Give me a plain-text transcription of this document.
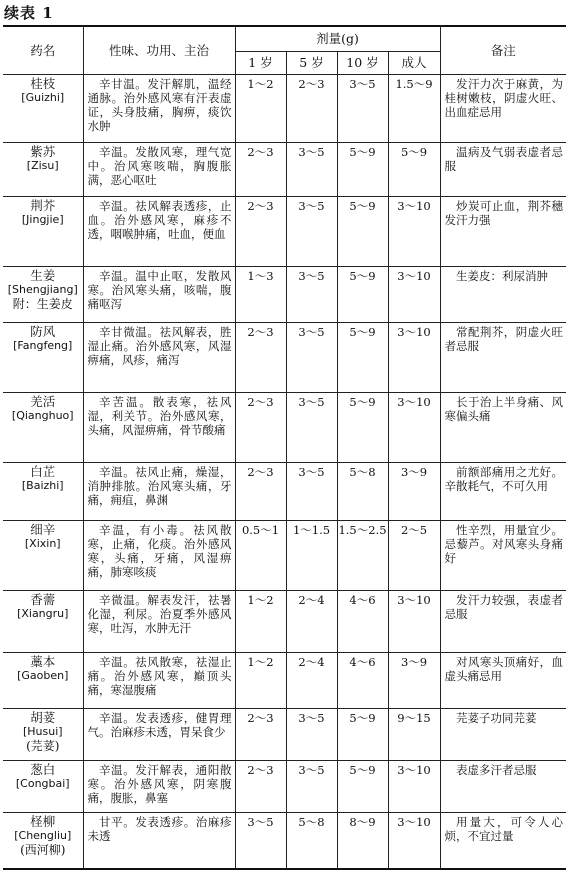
续表 1
药名	性味、功用、主治	剂量(g)				备注
		1 岁	5 岁	10 岁	成人	

桂枝
[Guizhi]	辛甘温。发汗解肌，温经通脉。治外感风寒有汗表虚证，头身肢痛，胸痹，痰饮水肿	1～2	2～3	3～5	1.5～9	发汗力次于麻黄，为桂树嫩枝，阴虚火旺、出血症忌用

紫苏
[Zisu]	辛温。发散风寒，理气宽中。治风寒咳喘，胸腹胀满，恶心呕吐	2～3	3～5	5～9	5～9	温病及气弱表虚者忌服

荆芥
[Jingjie]	辛温。祛风解表透疹，止血。治外感风寒，麻疹不透，咽喉肿痛，吐血，便血	2～3	3～5	5～9	3～10	炒炭可止血，荆芥穗发汗力强

生姜
[Shengjiang]
附：生姜皮	辛温。温中止呕，发散风寒。治风寒头痛，咳喘，腹痛呕泻	1～3	3～5	5～9	3～10	生姜皮：利尿消肿

防风
[Fangfeng]	辛甘微温。祛风解表，胜湿止痛。治外感风寒，风湿痹痛，风疹，痛泻	2～3	3～5	5～9	3～10	常配荆芥，阴虚火旺者忌服

羌活
[Qianghuo]	辛苦温。散表寒，祛风湿，利关节。治外感风寒，头痛，风湿痹痛，骨节酸痛	2～3	3～5	5～9	3～10	长于治上半身痛、风寒偏头痛

白芷
[Baizhi]	辛温。祛风止痛，燥湿，消肿排脓。治风寒头痛，牙痛，痈疽，鼻渊	2～3	3～5	5～8	3～9	前额部痛用之尤好。辛散耗气，不可久用

细辛
[Xixin]	辛温，有小毒。祛风散寒，止痛，化痰。治外感风寒，头痛，牙痛，风湿痹痛，肺寒咳痰	0.5～1	1～1.5	1.5～2.5	2～5	性辛烈，用量宜少。忌藜芦。对风寒头身痛好

香薷
[Xiangru]	辛微温。解表发汗，祛暑化湿，利尿。治夏季外感风寒，吐泻，水肿无汗	1～2	2～4	4～6	3～10	发汗力较强，表虚者忌服

藁本
[Gaoben]	辛温。祛风散寒，祛湿止痛。治外感风寒，巅顶头痛，寒湿腹痛	1～2	2～4	4～6	3～9	对风寒头顶痛好，血虚头痛忌用

胡荽
[Husui]
(芫荽)	辛温。发表透疹，健胃理气。治麻疹未透，胃呆食少	2～3	3～5	5～9	9～15	芫荽子功同芫荽

葱白
[Congbai]	辛温。发汗解表，通阳散寒。治外感风寒，阴寒腹痛，腹胀，鼻塞	2～3	3～5	5～9	3～10	表虚多汗者忌服

柽柳
[Chengliu]
(西河柳)	甘平。发表透疹。治麻疹未透	3～5	5～8	8～9	3～10	用量大，可令人心烦，不宜过量
